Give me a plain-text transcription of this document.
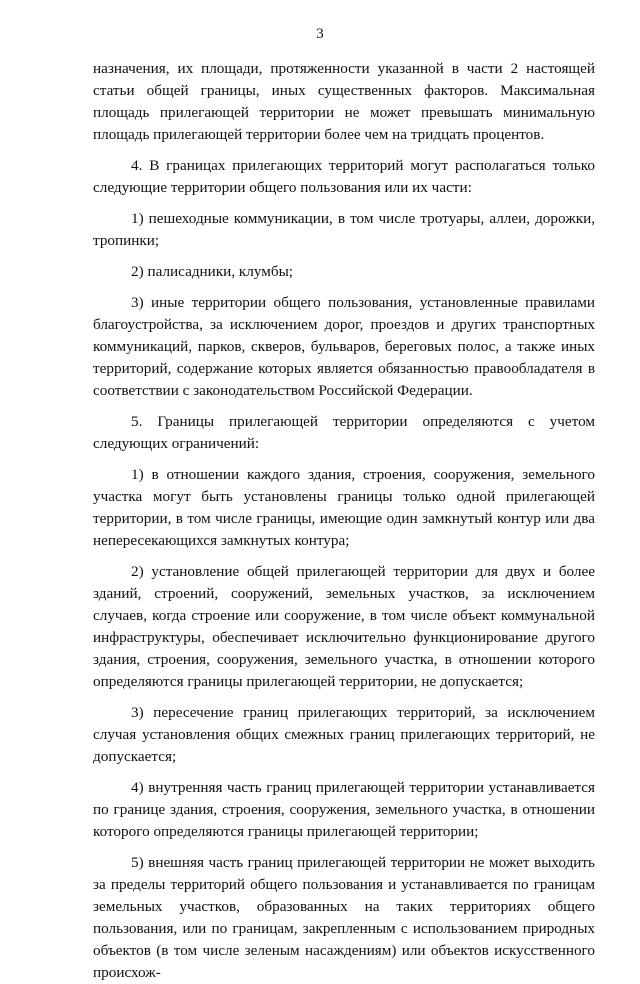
3

назначения, их площади, протяженности указанной в части 2 настоящей статьи общей границы, иных существенных факторов. Максимальная площадь прилегающей территории не может превышать минимальную площадь прилегающей территории более чем на тридцать процентов.

4. В границах прилегающих территорий могут располагаться только следующие территории общего пользования или их части:

1) пешеходные коммуникации, в том числе тротуары, аллеи, дорожки, тропинки;

2) палисадники, клумбы;

3) иные территории общего пользования, установленные правилами благоустройства, за исключением дорог, проездов и других транспортных коммуникаций, парков, скверов, бульваров, береговых полос, а также иных территорий, содержание которых является обязанностью правообладателя в соответствии с законодательством Российской Федерации.

5. Границы прилегающей территории определяются с учетом следующих ограничений:

1) в отношении каждого здания, строения, сооружения, земельного участка могут быть установлены границы только одной прилегающей территории, в том числе границы, имеющие один замкнутый контур или два непересекающихся замкнутых контура;

2) установление общей прилегающей территории для двух и более зданий, строений, сооружений, земельных участков, за исключением случаев, когда строение или сооружение, в том числе объект коммунальной инфраструктуры, обеспечивает исключительно функционирование другого здания, строения, сооружения, земельного участка, в отношении которого определяются границы прилегающей территории, не допускается;

3) пересечение границ прилегающих территорий, за исключением случая установления общих смежных границ прилегающих территорий, не допускается;

4) внутренняя часть границ прилегающей территории устанавливается по границе здания, строения, сооружения, земельного участка, в отношении которого определяются границы прилегающей территории;

5) внешняя часть границ прилегающей территории не может выходить за пределы территорий общего пользования и устанавливается по границам земельных участков, образованных на таких территориях общего пользования, или по границам, закрепленным с использованием природных объектов (в том числе зеленым насаждениям) или объектов искусственного происхож-
